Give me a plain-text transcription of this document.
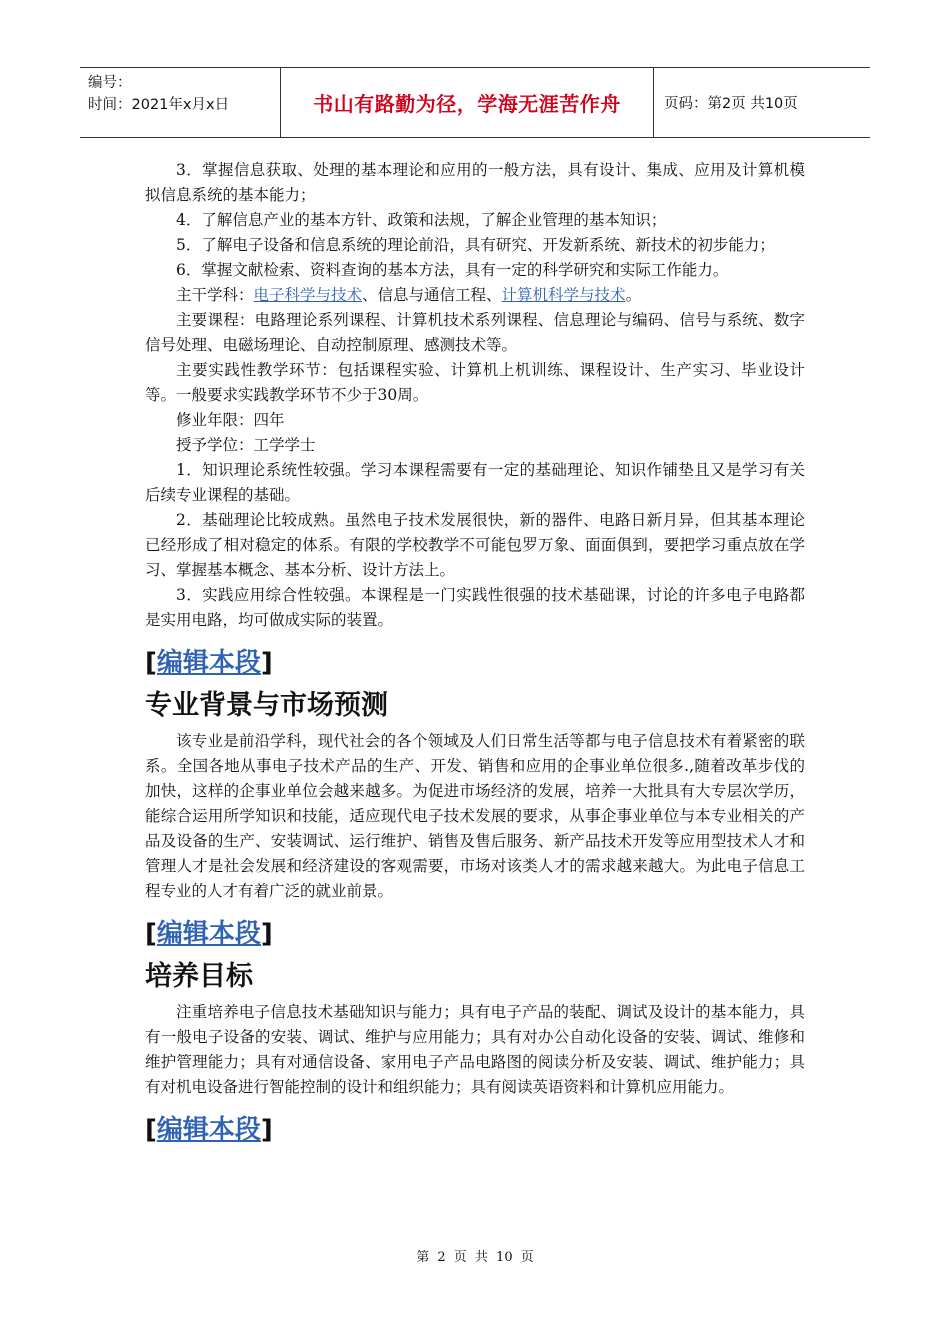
编号：
时间：2021年x月x日	书山有路勤为径，学海无涯苦作舟	页码：第2页 共10页

3．掌握信息获取、处理的基本理论和应用的一般方法，具有设计、集成、应用及计算机模拟信息系统的基本能力；

4．了解信息产业的基本方针、政策和法规，了解企业管理的基本知识；

5．了解电子设备和信息系统的理论前沿，具有研究、开发新系统、新技术的初步能力；

6．掌握文献检索、资料查询的基本方法，具有一定的科学研究和实际工作能力。

主干学科：电子科学与技术、信息与通信工程、计算机科学与技术。

主要课程：电路理论系列课程、计算机技术系列课程、信息理论与编码、信号与系统、数字信号处理、电磁场理论、自动控制原理、感测技术等。

主要实践性教学环节：包括课程实验、计算机上机训练、课程设计、生产实习、毕业设计等。一般要求实践教学环节不少于30周。

修业年限：四年

授予学位：工学学士

1．知识理论系统性较强。学习本课程需要有一定的基础理论、知识作铺垫且又是学习有关后续专业课程的基础。

2．基础理论比较成熟。虽然电子技术发展很快，新的器件、电路日新月异，但其基本理论已经形成了相对稳定的体系。有限的学校教学不可能包罗万象、面面俱到，要把学习重点放在学习、掌握基本概念、基本分析、设计方法上。

3．实践应用综合性较强。本课程是一门实践性很强的技术基础课，讨论的许多电子电路都是实用电路，均可做成实际的装置。

[编辑本段]
专业背景与市场预测

该专业是前沿学科，现代社会的各个领域及人们日常生活等都与电子信息技术有着紧密的联系。全国各地从事电子技术产品的生产、开发、销售和应用的企事业单位很多.,随着改革步伐的加快，这样的企事业单位会越来越多。为促进市场经济的发展，培养一大批具有大专层次学历，能综合运用所学知识和技能，适应现代电子技术发展的要求，从事企事业单位与本专业相关的产品及设备的生产、安装调试、运行维护、销售及售后服务、新产品技术开发等应用型技术人才和管理人才是社会发展和经济建设的客观需要，市场对该类人才的需求越来越大。为此电子信息工程专业的人才有着广泛的就业前景。

[编辑本段]
培养目标

注重培养电子信息技术基础知识与能力；具有电子产品的装配、调试及设计的基本能力，具有一般电子设备的安装、调试、维护与应用能力；具有对办公自动化设备的安装、调试、维修和维护管理能力；具有对通信设备、家用电子产品电路图的阅读分析及安装、调试、维护能力；具有对机电设备进行智能控制的设计和组织能力；具有阅读英语资料和计算机应用能力。

[编辑本段]
第 2 页 共 10 页
